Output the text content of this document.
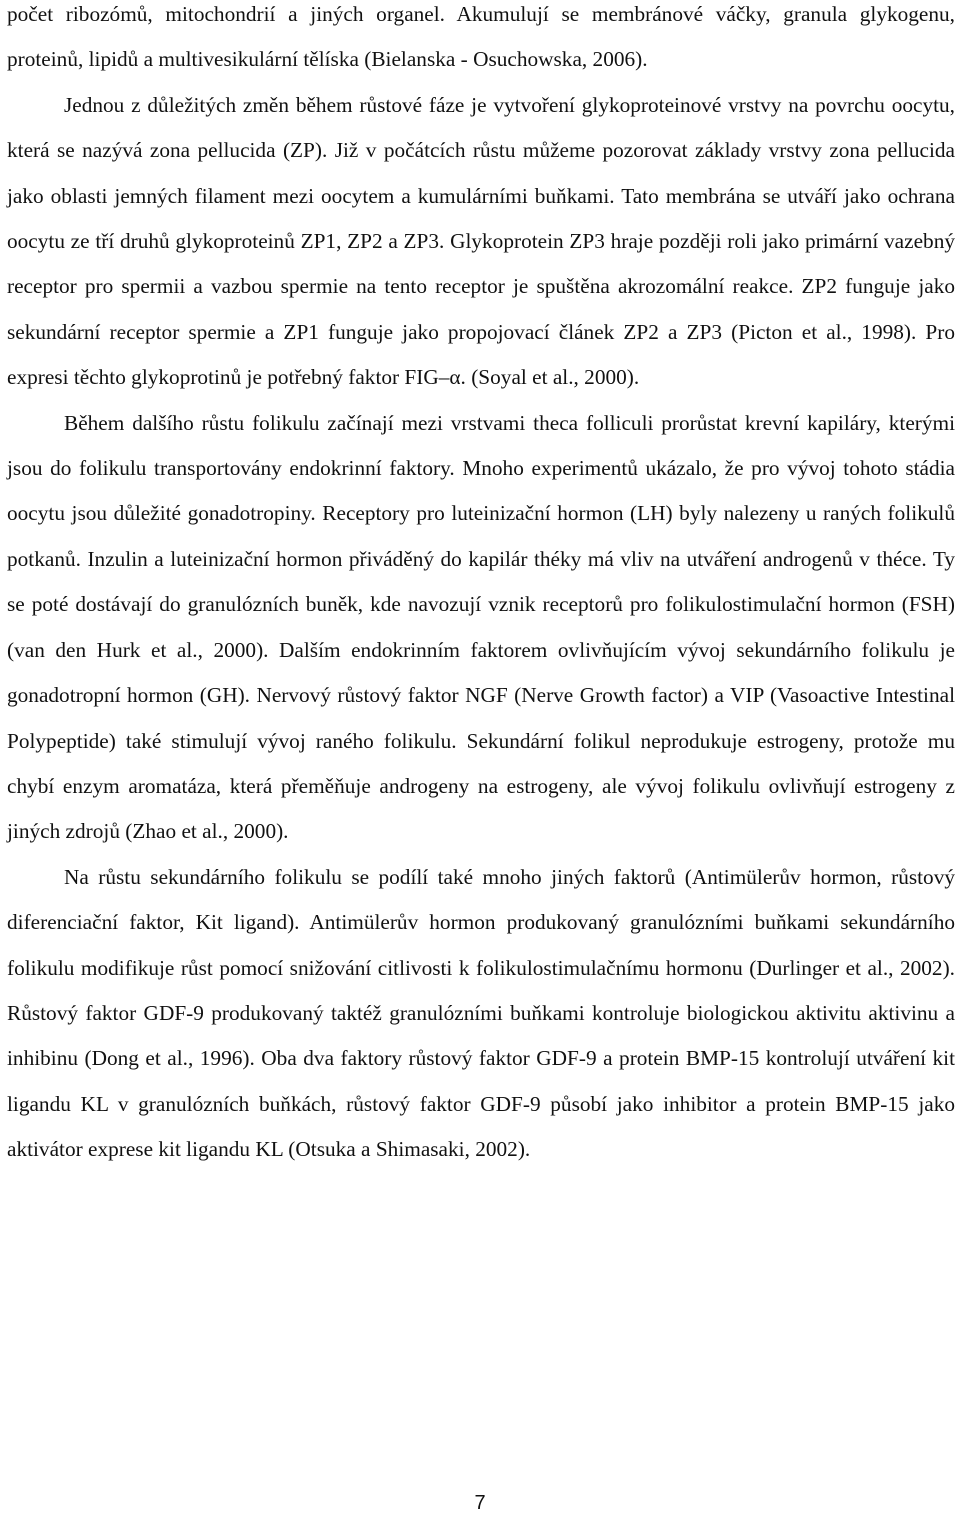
počet ribozómů, mitochondrií a jiných organel. Akumulují se membránové váčky, granula glykogenu, proteinů, lipidů a multivesikulární tělíska (Bielanska - Osuchowska, 2006).

Jednou z důležitých změn během růstové fáze je vytvoření glykoproteinové vrstvy na povrchu oocytu, která se nazývá zona pellucida (ZP). Již v počátcích růstu můžeme pozorovat základy vrstvy zona pellucida jako oblasti jemných filament mezi oocytem a kumulárními buňkami. Tato membrána se utváří jako ochrana oocytu ze tří druhů glykoproteinů ZP1, ZP2 a ZP3. Glykoprotein ZP3 hraje později roli jako primární vazebný receptor pro spermii a vazbou spermie na tento receptor je spuštěna akrozomální reakce. ZP2 funguje jako sekundární receptor spermie a ZP1 funguje jako propojovací článek ZP2 a ZP3 (Picton et al., 1998). Pro expresi těchto glykoprotinů je potřebný faktor FIG–α. (Soyal et al., 2000).

Během dalšího růstu folikulu začínají mezi vrstvami theca folliculi prorůstat krevní kapiláry, kterými jsou do folikulu transportovány endokrinní faktory. Mnoho experimentů ukázalo, že pro vývoj tohoto stádia oocytu jsou důležité gonadotropiny. Receptory pro luteinizační hormon (LH) byly nalezeny u raných folikulů potkanů. Inzulin a luteinizační hormon přiváděný do kapilár théky má vliv na utváření androgenů v théce. Ty se poté dostávají do granulózních buněk, kde navozují vznik receptorů pro folikulostimulační hormon (FSH) (van den Hurk et al., 2000). Dalším endokrinním faktorem ovlivňujícím vývoj sekundárního folikulu je gonadotropní hormon (GH). Nervový růstový faktor NGF (Nerve Growth factor) a VIP (Vasoactive Intestinal Polypeptide) také stimulují vývoj raného folikulu. Sekundární folikul neprodukuje estrogeny, protože mu chybí enzym aromatáza, která přeměňuje androgeny na estrogeny, ale vývoj folikulu ovlivňují estrogeny z jiných zdrojů (Zhao et al., 2000).

Na růstu sekundárního folikulu se podílí také mnoho jiných faktorů (Antimülerův hormon, růstový diferenciační faktor, Kit ligand). Antimülerův hormon produkovaný granulózními buňkami sekundárního folikulu modifikuje růst pomocí snižování citlivosti k folikulostimulačnímu hormonu (Durlinger et al., 2002). Růstový faktor GDF-9 produkovaný taktéž granulózními buňkami kontroluje biologickou aktivitu aktivinu a inhibinu (Dong et al., 1996). Oba dva faktory růstový faktor GDF-9 a protein BMP-15 kontrolují utváření kit ligandu KL v granulózních buňkách, růstový faktor GDF-9 působí jako inhibitor a protein BMP-15 jako aktivátor exprese kit ligandu KL (Otsuka a Shimasaki, 2002).

7
